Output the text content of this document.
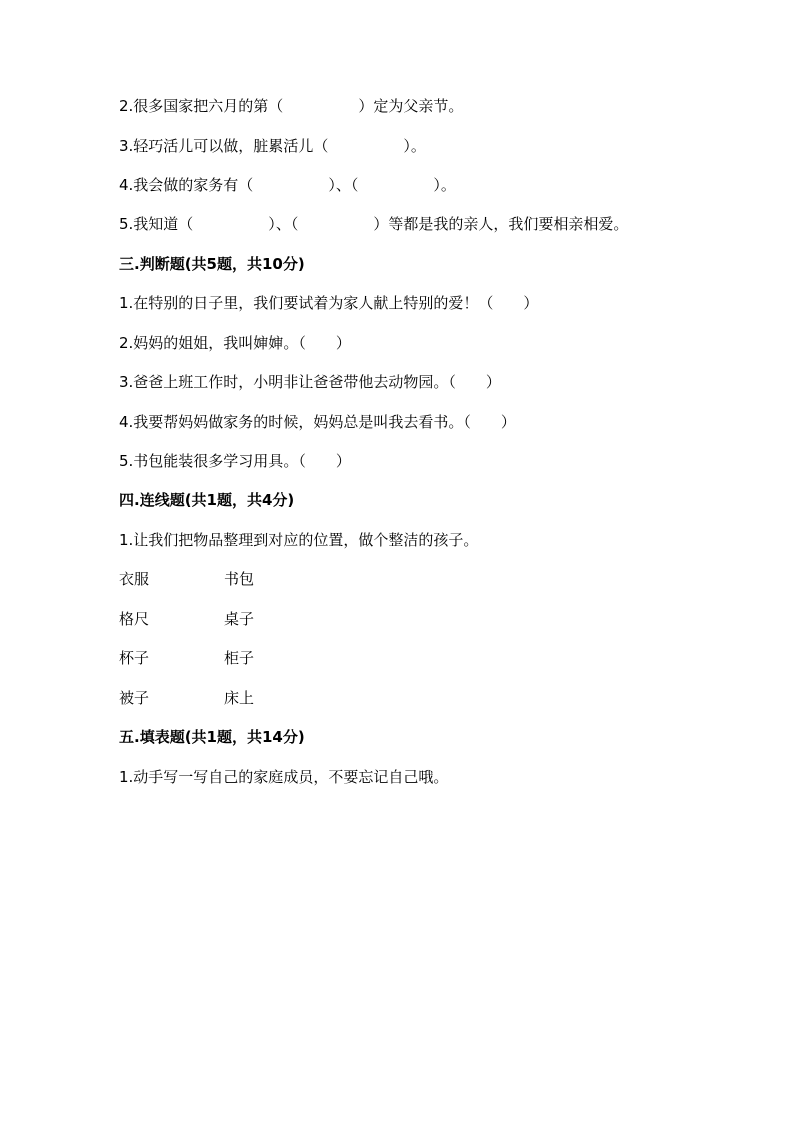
2.很多国家把六月的第（　　　　　）定为父亲节。
3.轻巧活儿可以做，脏累活儿（　　　　　）。
4.我会做的家务有（　　　　　）、（　　　　　）。
5.我知道（　　　　　）、（　　　　　）等都是我的亲人，我们要相亲相爱。
三.判断题(共5题，共10分)
1.在特别的日子里，我们要试着为家人献上特别的爱！（　　）
2.妈妈的姐姐，我叫婶婶。（　　）
3.爸爸上班工作时，小明非让爸爸带他去动物园。（　　）
4.我要帮妈妈做家务的时候，妈妈总是叫我去看书。（　　）
5.书包能装很多学习用具。（　　）
四.连线题(共1题，共4分)
1.让我们把物品整理到对应的位置，做个整洁的孩子。
衣服	书包
格尺	桌子
杯子	柜子
被子	床上
五.填表题(共1题，共14分)
1.动手写一写自己的家庭成员，不要忘记自己哦。
